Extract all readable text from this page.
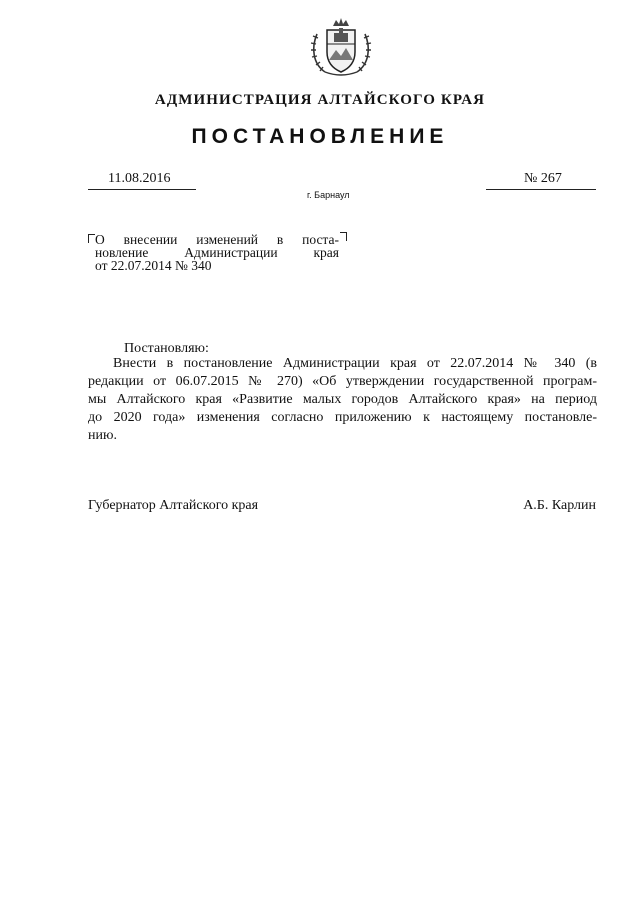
АДМИНИСТРАЦИЯ АЛТАЙСКОГО КРАЯ
ПОСТАНОВЛЕНИЕ
11.08.2016	№ 267
г. Барнаул
О внесении изменений в поста-
новление Администрации края
от 22.07.2014 № 340
Постановляю:
Внести в постановление Администрации края от 22.07.2014 № 340 (в
редакции от 06.07.2015 № 270) «Об утверждении государственной програм-
мы Алтайского края «Развитие малых городов Алтайского края» на период
до 2020 года» изменения согласно приложению к настоящему постановле-
нию.
Губернатор Алтайского края	А.Б. Карлин
